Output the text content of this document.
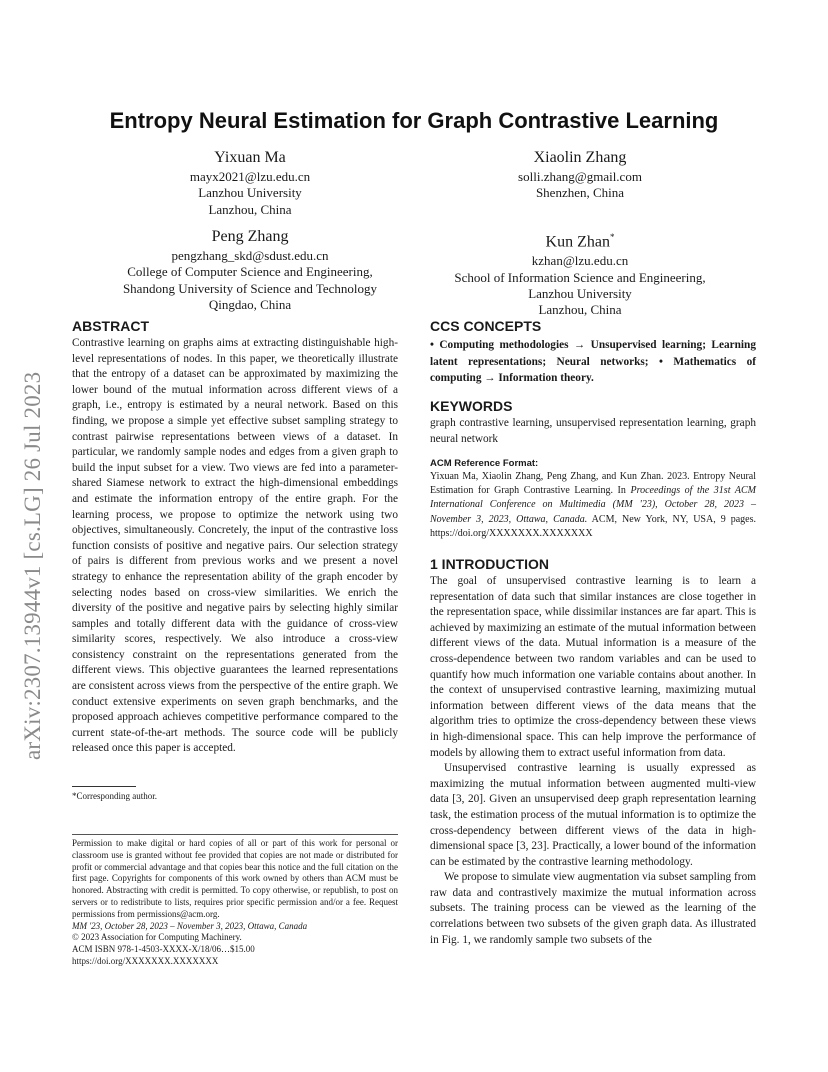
arXiv:2307.13944v1 [cs.LG] 26 Jul 2023
Entropy Neural Estimation for Graph Contrastive Learning
Yixuan Ma
mayx2021@lzu.edu.cn
Lanzhou University
Lanzhou, China
Xiaolin Zhang
solli.zhang@gmail.com
Shenzhen, China
Peng Zhang
pengzhang_skd@sdust.edu.cn
College of Computer Science and Engineering,
Shandong University of Science and Technology
Qingdao, China
Kun Zhan*
kzhan@lzu.edu.cn
School of Information Science and Engineering,
Lanzhou University
Lanzhou, China
ABSTRACT
Contrastive learning on graphs aims at extracting distinguishable high-level representations of nodes. In this paper, we theoretically illustrate that the entropy of a dataset can be approximated by maximizing the lower bound of the mutual information across different views of a graph, i.e., entropy is estimated by a neural network. Based on this finding, we propose a simple yet effective subset sampling strategy to contrast pairwise representations between views of a dataset. In particular, we randomly sample nodes and edges from a given graph to build the input subset for a view. Two views are fed into a parameter-shared Siamese network to extract the high-dimensional embeddings and estimate the information entropy of the entire graph. For the learning process, we propose to optimize the network using two objectives, simultaneously. Concretely, the input of the contrastive loss function consists of positive and negative pairs. Our selection strategy of pairs is different from previous works and we present a novel strategy to enhance the representation ability of the graph encoder by selecting nodes based on cross-view similarities. We enrich the diversity of the positive and negative pairs by selecting highly similar samples and totally different data with the guidance of cross-view similarity scores, respectively. We also introduce a cross-view consistency constraint on the representations generated from the different views. This objective guarantees the learned representations are consistent across views from the perspective of the entire graph. We conduct extensive experiments on seven graph benchmarks, and the proposed approach achieves competitive performance compared to the current state-of-the-art methods. The source code will be publicly released once this paper is accepted.
*Corresponding author.
Permission to make digital or hard copies of all or part of this work for personal or classroom use is granted without fee provided that copies are not made or distributed for profit or commercial advantage and that copies bear this notice and the full citation on the first page. Copyrights for components of this work owned by others than ACM must be honored. Abstracting with credit is permitted. To copy otherwise, or republish, to post on servers or to redistribute to lists, requires prior specific permission and/or a fee. Request permissions from permissions@acm.org.
MM '23, October 28, 2023 – November 3, 2023, Ottawa, Canada
© 2023 Association for Computing Machinery.
ACM ISBN 978-1-4503-XXXX-X/18/06…$15.00
https://doi.org/XXXXXXX.XXXXXXX
CCS CONCEPTS
• Computing methodologies → Unsupervised learning; Learning latent representations; Neural networks; • Mathematics of computing → Information theory.
KEYWORDS
graph contrastive learning, unsupervised representation learning, graph neural network
ACM Reference Format:
Yixuan Ma, Xiaolin Zhang, Peng Zhang, and Kun Zhan. 2023. Entropy Neural Estimation for Graph Contrastive Learning. In Proceedings of the 31st ACM International Conference on Multimedia (MM '23), October 28, 2023 – November 3, 2023, Ottawa, Canada. ACM, New York, NY, USA, 9 pages. https://doi.org/XXXXXXX.XXXXXXX
1 INTRODUCTION
The goal of unsupervised contrastive learning is to learn a representation of data such that similar instances are close together in the representation space, while dissimilar instances are far apart. This is achieved by maximizing an estimate of the mutual information between different views of the data. Mutual information is a measure of the cross-dependence between two random variables and can be used to quantify how much information one variable contains about another. In the context of unsupervised contrastive learning, maximizing mutual information between different views of the data means that the algorithm tries to optimize the cross-dependency between these views in high-dimensional space. This can help improve the performance of models by allowing them to extract useful information from data.
Unsupervised contrastive learning is usually expressed as maximizing the mutual information between augmented multi-view data [3, 20]. Given an unsupervised deep graph representation learning task, the estimation process of the mutual information is to optimize the cross-dependency between different views of the data in high-dimensional space [3, 23]. Practically, a lower bound of the information can be estimated by the contrastive learning methodology.
We propose to simulate view augmentation via subset sampling from raw data and contrastively maximize the mutual information across subsets. The training process can be viewed as the learning of the correlations between two subsets of the given graph data. As illustrated in Fig. 1, we randomly sample two subsets of the
